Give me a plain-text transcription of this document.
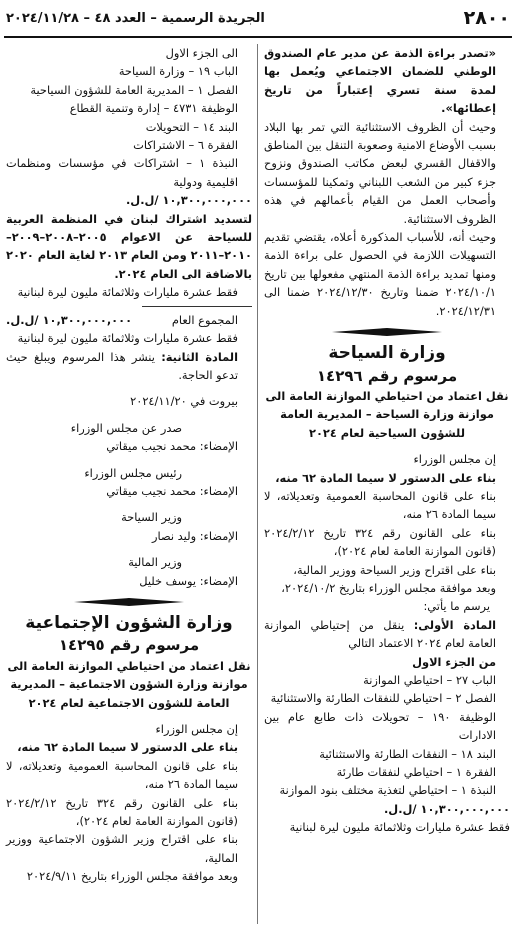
٢٨٠٠
الجريدة الرسمية – العدد ٤٨ – ٢٠٢٤/١١/٢٨

«تصدر براءة الذمة عن مدير عام الصندوق الوطني للضمان الاجتماعي ويُعمل بها لمدة سنة تسري إعتباراً من تاريخ إعطائها».

وحيث أن الظروف الاستثنائية التي تمر بها البلاد بسبب الأوضاع الامنية وصعوبة التنقل بين المناطق والاقفال القسري لبعض مكاتب الصندوق ونزوح جزء كبير من الشعب اللبناني وتمكينا للمؤسسات وأصحاب العمل من القيام بأعمالهم في هذه الظروف الاستثنائية.

وحيث أنه، للأسباب المذكورة أعلاه، يقتضي تقديم التسهيلات اللازمة في الحصول على براءة الذمة ومنها تمديد براءة الذمة المنتهي مفعولها بين تاريخ ٢٠٢٤/١٠/١ ضمنا وتاريخ ٢٠٢٤/١٢/٣٠ ضمنا الى ٢٠٢٤/١٢/٣١.

وزارة السياحة

مرسوم رقم ١٤٢٩٦

نقل اعتماد من احتياطي الموازنة العامة الى موازنة وزارة السياحة – المديرية العامة للشؤون السياحية لعام ٢٠٢٤

إن مجلس الوزراء

بناء على الدستور لا سيما المادة ٦٢ منه،

بناء على قانون المحاسبة العمومية وتعديلاته، لا سيما المادة ٢٦ منه،

بناء على القانون رقم ٣٢٤ تاريخ ٢٠٢٤/٢/١٢ (قانون الموازنة العامة لعام ٢٠٢٤)،

بناء على اقتراح وزير السياحة ووزير المالية،

وبعد موافقة مجلس الوزراء بتاريخ ٢٠٢٤/١٠/٢،

يرسم ما يأتي:

المادة الأولى: ينقل من إحتياطي الموازنة العامة لعام ٢٠٢٤ الاعتماد التالي

من الجزء الاول

الباب ٢٧ – احتياطي الموازنة

الفصل ٢ – احتياطي للنفقات الطارئة والاستثنائية

الوظيفة ١٩٠ – تحويلات ذات طابع عام بين الادارات

البند ١٨ – النفقات الطارئة والاستثنائية

الفقرة ١ – احتياطي لنفقات طارئة

النبذة ١ – احتياطي لتغذية مختلف بنود الموازنة

١٠,٣٠٠,٠٠٠,٠٠٠ /ل.ل.

فقط عشرة مليارات وثلاثمائة مليون ليرة لبنانية

الى الجزء الاول

الباب ١٩ – وزارة السياحة

الفصل ١ – المديرية العامة للشؤون السياحية

الوظيفة ٤٧٣١ – إدارة وتنمية القطاع

البند ١٤ – التحويلات

الفقرة ٦ – الاشتراكات

النبذة ١ – اشتراكات في مؤسسات ومنظمات اقليمية ودولية

١٠,٣٠٠,٠٠٠,٠٠٠ /ل.ل.

لتسديد اشتراك لبنان في المنظمة العربية للسياحة عن الاعوام ٢٠٠٥–٢٠٠٨–٢٠٠٩–٢٠١٠–٢٠١١ ومن العام ٢٠١٣ لغاية العام ٢٠٢٠ بالاضافة الى العام ٢٠٢٤.

فقط عشرة مليارات وثلاثمائة مليون ليرة لبنانية

المجموع العام           ١٠,٣٠٠,٠٠٠,٠٠٠ /ل.ل.

فقط عشرة مليارات وثلاثمائة مليون ليرة لبنانية

المادة الثانية: ينشر هذا المرسوم ويبلغ حيث تدعو الحاجة.

بيروت في ٢٠٢٤/١١/٢٠

صدر عن مجلس الوزراء

الإمضاء: محمد نجيب ميقاتي

رئيس مجلس الوزراء

الإمضاء: محمد نجيب ميقاتي

وزير السياحة

الإمضاء: وليد نصار

وزير المالية

الإمضاء: يوسف خليل

وزارة الشؤون الإجتماعية

مرسوم رقم ١٤٢٩٥

نقل اعتماد من احتياطي الموازنة العامة الى موازنة وزارة الشؤون الاجتماعية – المديرية العامة للشؤون الاجتماعية لعام ٢٠٢٤

إن مجلس الوزراء

بناء على الدستور لا سيما المادة ٦٢ منه،

بناء على قانون المحاسبة العمومية وتعديلاته، لا سيما المادة ٢٦ منه،

بناء على القانون رقم ٣٢٤ تاريخ ٢٠٢٤/٢/١٢ (قانون الموازنة العامة لعام ٢٠٢٤)،

بناء على اقتراح وزير الشؤون الاجتماعية ووزير المالية،

وبعد موافقة مجلس الوزراء بتاريخ ٢٠٢٤/٩/١١
